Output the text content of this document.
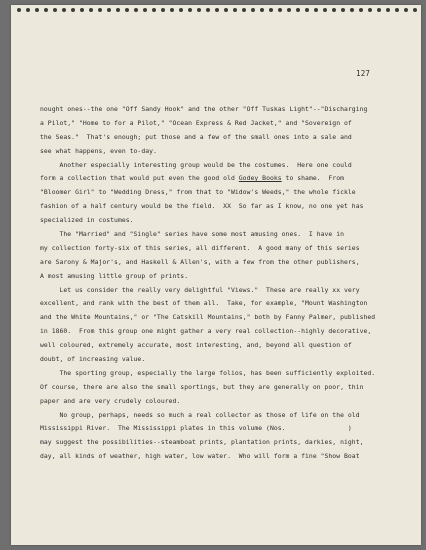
127
nought ones--the one "Off Sandy Hook" and the other "Off Tuskas Light"--"Discharging
a Pilot," "Home to for a Pilot," "Ocean Express & Red Jacket," and "Sovereign of
the Seas."  That's enough; put those and a few of the small ones into a sale and
see what happens, even to-day.
Another especially interesting group would be the costumes.  Here one could
form a collection that would put even the good old Godey Books to shame.  From
"Bloomer Girl" to "Wedding Dress," from that to "Widow's Weeds," the whole fickle
fashion of a half century would be the field.  XX  So far as I know, no one yet has
specialized in costumes.
The "Married" and "Single" series have some most amusing ones.  I have in
my collection forty-six of this series, all different.  A good many of this series
are Sarony & Major's, and Haskell & Allen's, with a few from the other publishers,
A most amusing little group of prints.
Let us consider the really very delightful "Views."  These are really xx very
excellent, and rank with the best of them all.  Take, for example, "Mount Washington
and the White Mountains," or "The Catskill Mountains," both by Fanny Palmer, published
in 1860.  From this group one might gather a very real collection--highly decorative,
well coloured, extremely accurate, most interesting, and, beyond all question of
doubt, of increasing value.
The sporting group, especially the large folios, has been sufficiently exploited.
Of course, there are also the small sportings, but they are generally on poor, thin
paper and are very crudely coloured.
No group, perhaps, needs so much a real collector as those of life on the old
Mississippi River.  The Mississippi plates in this volume (Nos.                )
may suggest the possibilities--steamboat prints, plantation prints, darkies, night,
day, all kinds of weather, high water, low water.  Who will form a fine "Show Boat
